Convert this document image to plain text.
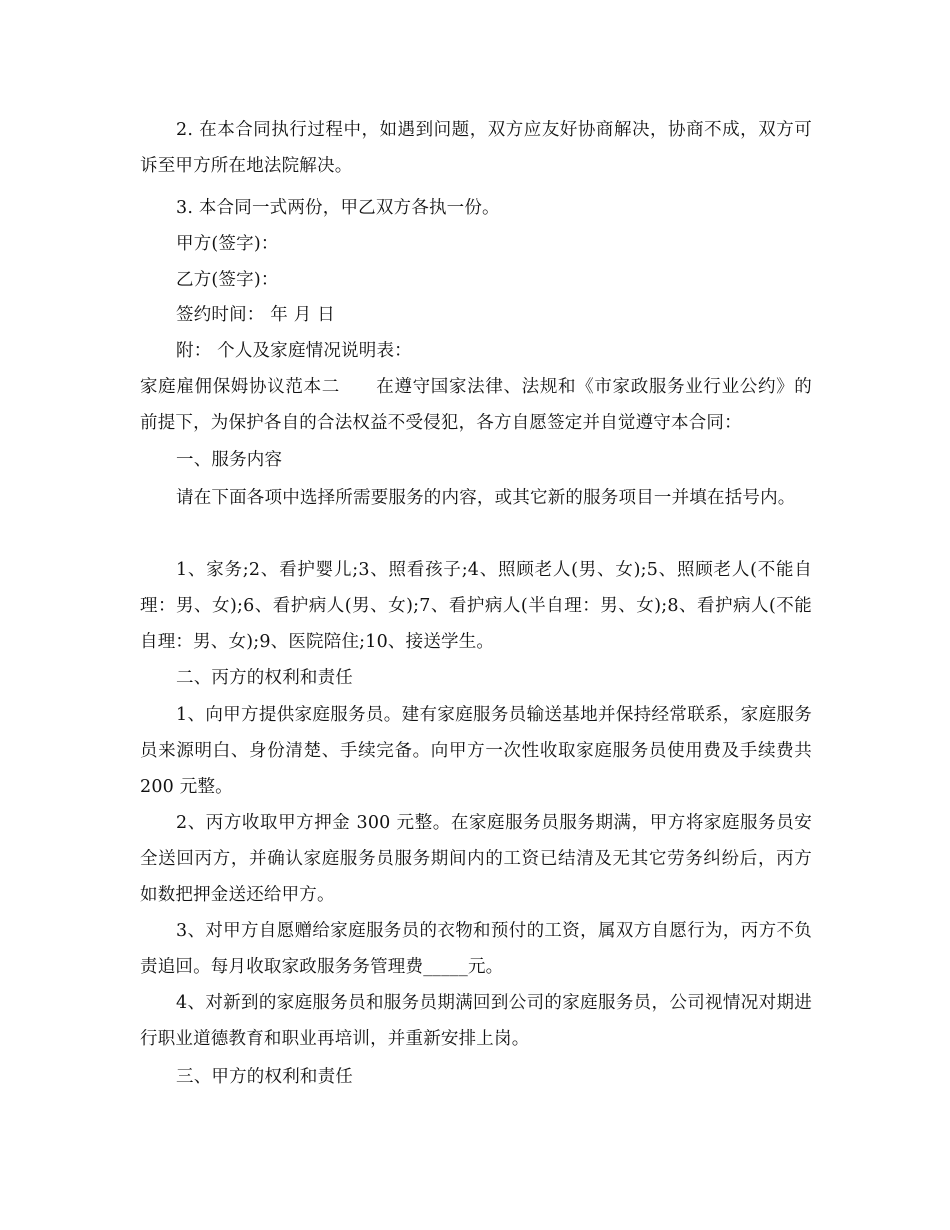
2. 在本合同执行过程中，如遇到问题，双方应友好协商解决，协商不成，双方可诉至甲方所在地法院解决。

3. 本合同一式两份，甲乙双方各执一份。

甲方(签字)：

乙方(签字)：

签约时间： 年 月 日

附： 个人及家庭情况说明表：

家庭雇佣保姆协议范本二　　在遵守国家法律、法规和《市家政服务业行业公约》的前提下，为保护各自的合法权益不受侵犯，各方自愿签定并自觉遵守本合同：

一、服务内容

请在下面各项中选择所需要服务的内容，或其它新的服务项目一并填在括号内。

1、家务;2、看护婴儿;3、照看孩子;4、照顾老人(男、女);5、照顾老人(不能自理：男、女);6、看护病人(男、女);7、看护病人(半自理：男、女);8、看护病人(不能自理：男、女);9、医院陪住;10、接送学生。

二、丙方的权利和责任

1、向甲方提供家庭服务员。建有家庭服务员输送基地并保持经常联系，家庭服务员来源明白、身份清楚、手续完备。向甲方一次性收取家庭服务员使用费及手续费共 200 元整。

2、丙方收取甲方押金 300 元整。在家庭服务员服务期满，甲方将家庭服务员安全送回丙方，并确认家庭服务员服务期间内的工资已结清及无其它劳务纠纷后，丙方如数把押金送还给甲方。

3、对甲方自愿赠给家庭服务员的衣物和预付的工资，属双方自愿行为，丙方不负责追回。每月收取家政服务务管理费_____元。

4、对新到的家庭服务员和服务员期满回到公司的家庭服务员，公司视情况对期进行职业道德教育和职业再培训，并重新安排上岗。

三、甲方的权利和责任
